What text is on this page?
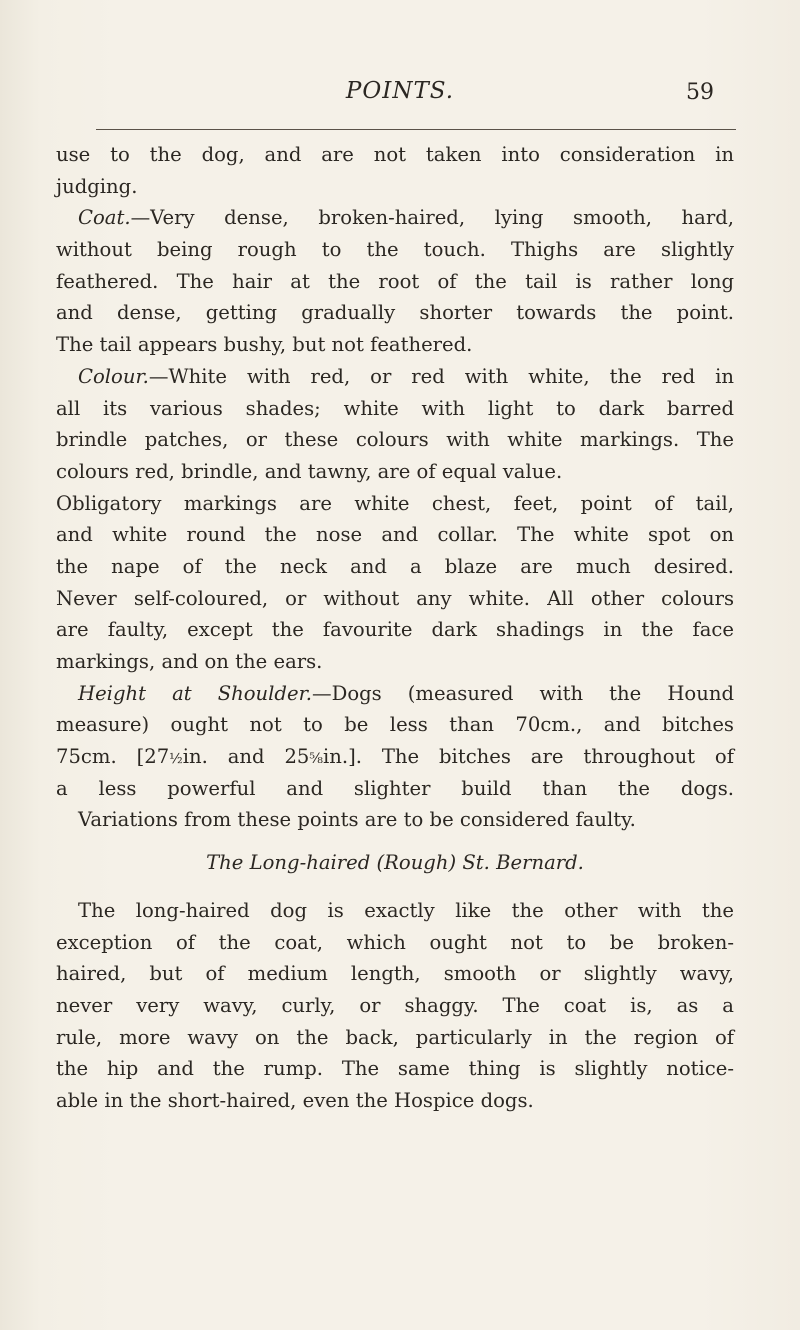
POINTS.	59
use to the dog, and are not taken into consideration in
judging.
Coat.—Very dense, broken-haired, lying smooth, hard,
without being rough to the touch. Thighs are slightly
feathered. The hair at the root of the tail is rather long
and dense, getting gradually shorter towards the point.
The tail appears bushy, but not feathered.
Colour.—White with red, or red with white, the red in
all its various shades; white with light to dark barred
brindle patches, or these colours with white markings. The
colours red, brindle, and tawny, are of equal value.
Obligatory markings are white chest, feet, point of tail,
and white round the nose and collar. The white spot on
the nape of the neck and a blaze are much desired.
Never self-coloured, or without any white. All other colours
are faulty, except the favourite dark shadings in the face
markings, and on the ears.
Height at Shoulder.—Dogs (measured with the Hound
measure) ought not to be less than 70cm., and bitches
75cm. [27½in. and 25⅝in.]. The bitches are throughout of
a less powerful and slighter build than the dogs.
Variations from these points are to be considered faulty.
The Long-haired (Rough) St. Bernard.
The long-haired dog is exactly like the other with the
exception of the coat, which ought not to be broken-
haired, but of medium length, smooth or slightly wavy,
never very wavy, curly, or shaggy. The coat is, as a
rule, more wavy on the back, particularly in the region of
the hip and the rump. The same thing is slightly notice-
able in the short-haired, even the Hospice dogs.
